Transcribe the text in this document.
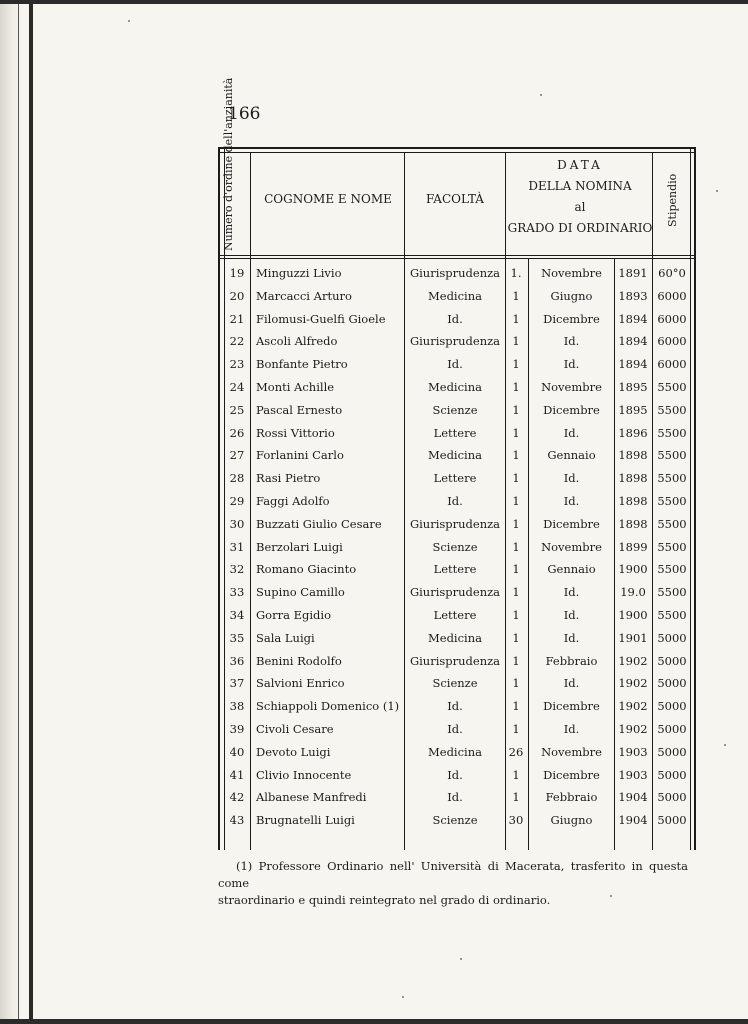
166
Numero d'ordine dell'anzianità	COGNOME E NOME	FACOLTÀ
DATA
DELLA NOMINA
al
GRADO DI ORDINARIO
Stipendio
19	Minguzzi Livio	Giurisprudenza 1.	Novembre	1891 60°0
20	Marcacci Arturo	Medicina	1	Giugno	1893 6000
21	Filomusi-Guelfi Gioele	Id.	1	Dicembre	1894 6000
22	Ascoli Alfredo	Giurisprudenza	1	Id.	1894 6000
23	Bonfante Pietro	Id.	1	Id.	1894 6000
24	Monti Achille	Medicina	1	Novembre	1895 5500
25	Pascal Ernesto	Scienze	1	Dicembre	1895 5500
26	Rossi Vittorio	Lettere	1	Id.	1896 5500
27	Forlanini Carlo	Medicina	1	Gennaio	1898 5500
28	Rasi Pietro	Lettere	1	Id.	1898 5500
29	Faggi Adolfo	Id.	1	Id.	1898 5500
30	Buzzati Giulio Cesare	Giurisprudenza	1	Dicembre	1898 5500
31	Berzolari Luigi	Scienze	1	Novembre	1899 5500
32	Romano Giacinto	Lettere	1	Gennaio	1900 5500
33	Supino Camillo	Giurisprudenza	1	Id.	19.0	5500
34	Gorra Egidio	Lettere	1	Id.	1900 5500
35	Sala Luigi	Medicina	1	Id.	1901 5000
36	Benini Rodolfo	Giurisprudenza	1	Febbraio	1902 5000
37	Salvioni Enrico	Scienze	1	Id.	1902 5000
38	Schiappoli Domenico (1)	Id.	1	Dicembre	1902 5000
39	Civoli Cesare	Id.	1	Id.	1902 5000
40	Devoto Luigi	Medicina	26	Novembre	1903 5000
41	Clivio Innocente	Id.	1	Dicembre	1903 5000
42	Albanese Manfredi	Id.	1	Febbraio	1904 5000
43	Brugnatelli Luigi	Scienze	30	Giugno	1904 5000
(1) Professore Ordinario nell' Università di Macerata, trasferito in questa come
straordinario e quindi reintegrato nel grado di ordinario.
